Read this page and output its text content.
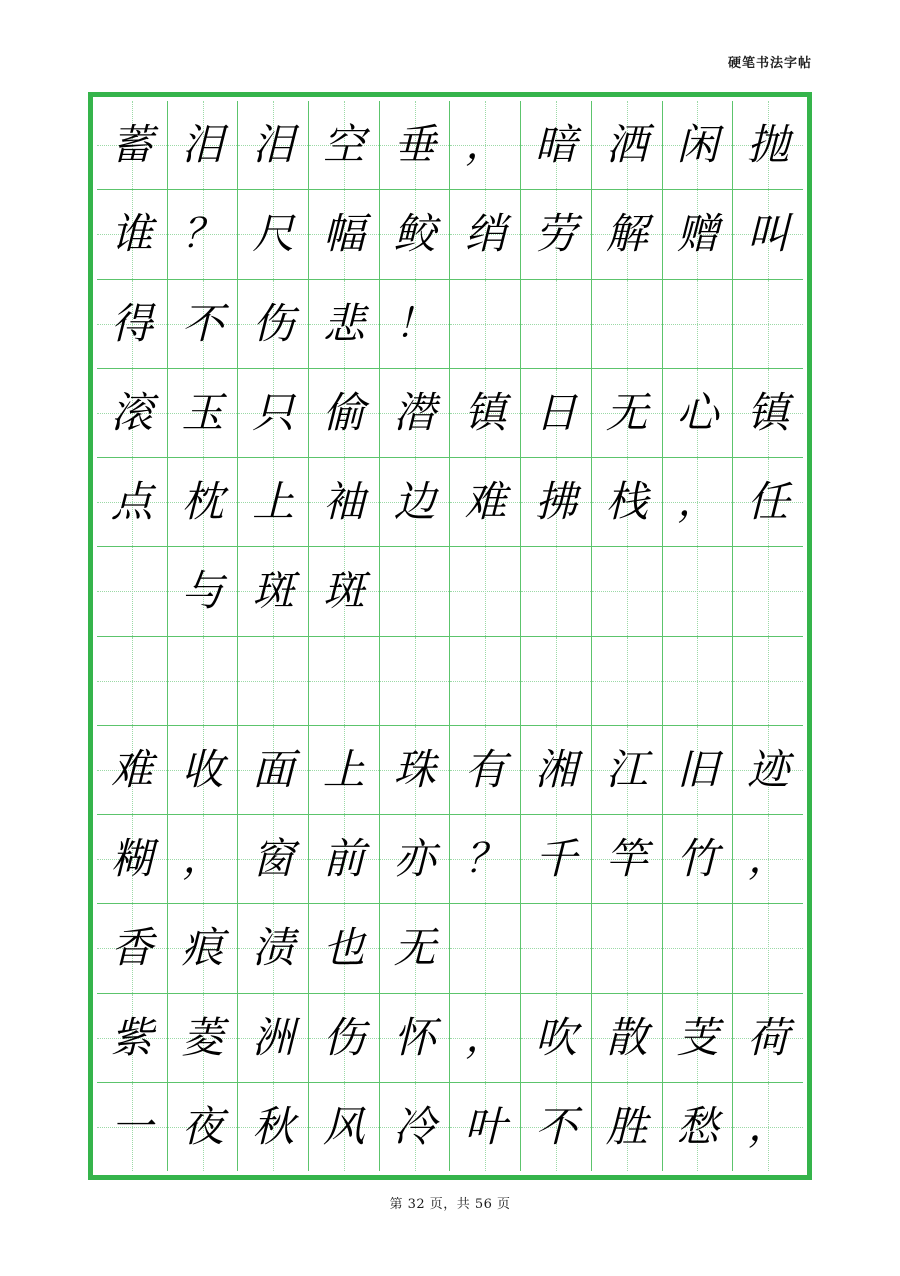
硬笔书法字帖
抛
叫
镇
任
迹
，
荷
，
闲
赠
心
，
旧
竹
芰
愁
洒
解
无
栈
江
竿
散
胜
暗
劳
日
拂
湘
千
吹
不
，
绡
镇
难
有
？
，
叶
垂
鲛
！
潜
边
珠
亦
无
怀
冷
空
幅
悲
偷
袖
斑
上
前
也
伤
风
泪
尺
伤
只
上
斑
面
窗
渍
洲
秋
泪
？
不
玉
枕
与
收
，
痕
菱
夜
蓄
谁
得
滚
点
难
糊
香
紫
一
第 32 页，共 56 页
